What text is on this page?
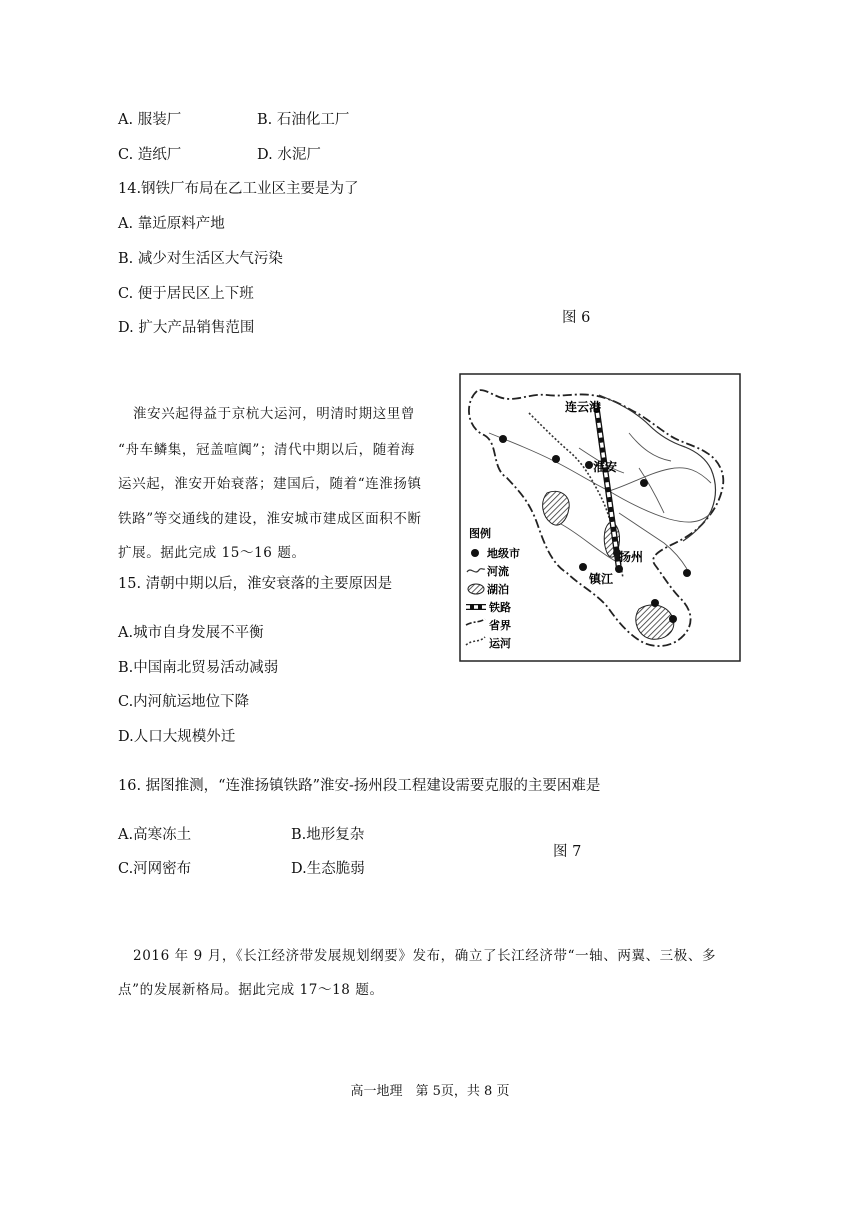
A. 服装厂	B. 石油化工厂
C. 造纸厂	D. 水泥厂
14.钢铁厂布局在乙工业区主要是为了
A. 靠近原料产地
B. 减少对生活区大气污染
C. 便于居民区上下班
D. 扩大产品销售范围
图 6
淮安兴起得益于京杭大运河，明清时期这里曾
“舟车鳞集，冠盖喧阗”；清代中期以后，随着海
运兴起，淮安开始衰落；建国后，随着“连淮扬镇
铁路”等交通线的建设，淮安城市建成区面积不断
扩展。据此完成 15～16 题。
15. 清朝中期以后，淮安衰落的主要原因是
A.城市自身发展不平衡
B.中国南北贸易活动减弱
C.内河航运地位下降
D.人口大规模外迁
16. 据图推测，“连淮扬镇铁路”淮安-扬州段工程建设需要克服的主要困难是
A.高寒冻土	B.地形复杂
C.河网密布	D.生态脆弱
图 7
2016 年 9 月，《长江经济带发展规划纲要》发布，确立了长江经济带“一轴、两翼、三极、多
点”的发展新格局。据此完成 17～18 题。
高一地理　第 5页，共 8 页
连云港
淮安
扬州
镇江
图例
地级市
河流
湖泊
铁路
省界
运河
